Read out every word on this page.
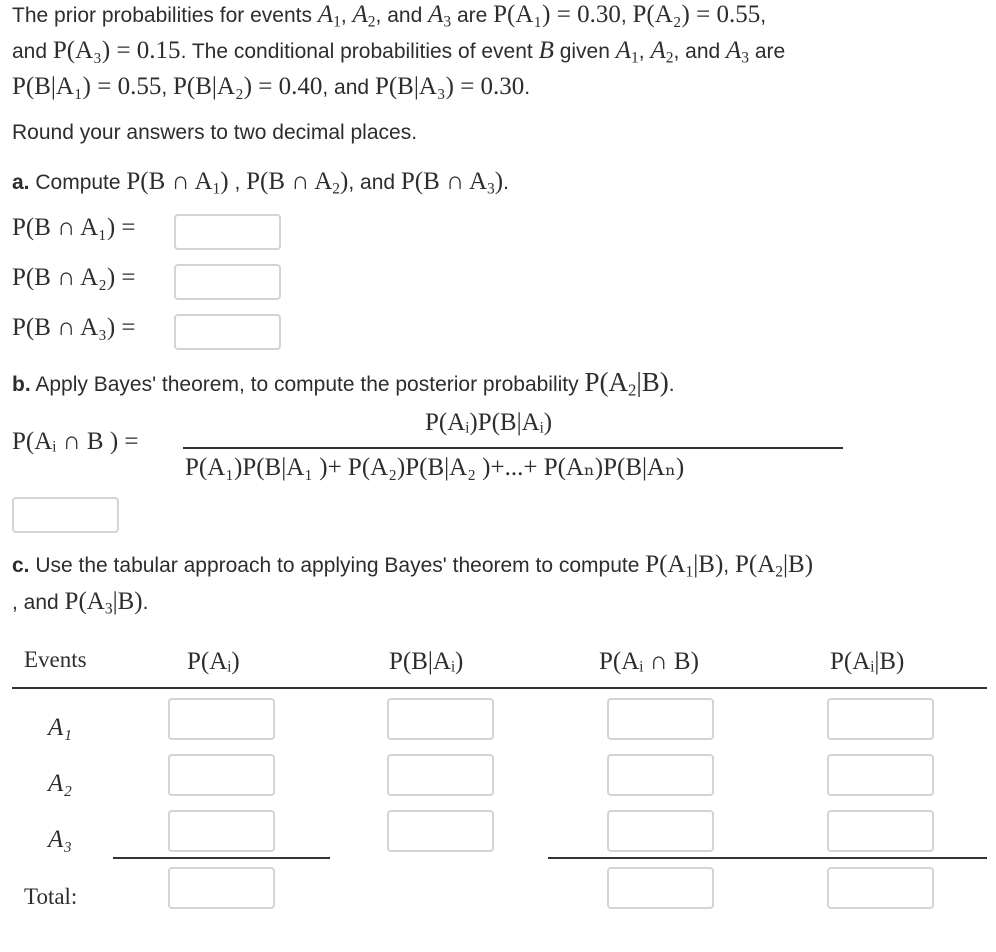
The prior probabilities for events $A_1$, $A_2$, and $A_3$ are P(A₁) = 0.30, P(A₂) = 0.55,
and P(A₃) = 0.15. The conditional probabilities of event B given $A_1$, $A_2$, and $A_3$ are
P(B|A₁) = 0.55, P(B|A₂) = 0.40, and P(B|A₃) = 0.30.
Round your answers to two decimal places.
a. Compute P(B ∩ $A_1$) , P(B ∩ $A_2$), and P(B ∩ $A_3$).
P(B ∩ A₁) =
P(B ∩ A₂) =
P(B ∩ A₃) =
b. Apply Bayes' theorem, to compute the posterior probability $P(A_2|B)$.
P(Aᵢ ∩ B ) =
P(Aᵢ)P(B|Aᵢ)
P(A₁)P(B|A₁ )+ P(A₂)P(B|A₂ )+...+ P(Aₙ)P(B|Aₙ)
c. Use the tabular approach to applying Bayes' theorem to compute $P(A_1|B)$, $P(A_2|B)$
, and $P(A_3|B)$.
Events	P(Aᵢ)	P(B|Aᵢ)	P(Aᵢ ∩ B)	P(Aᵢ|B)
A₁
A₂
A₃
Total:
